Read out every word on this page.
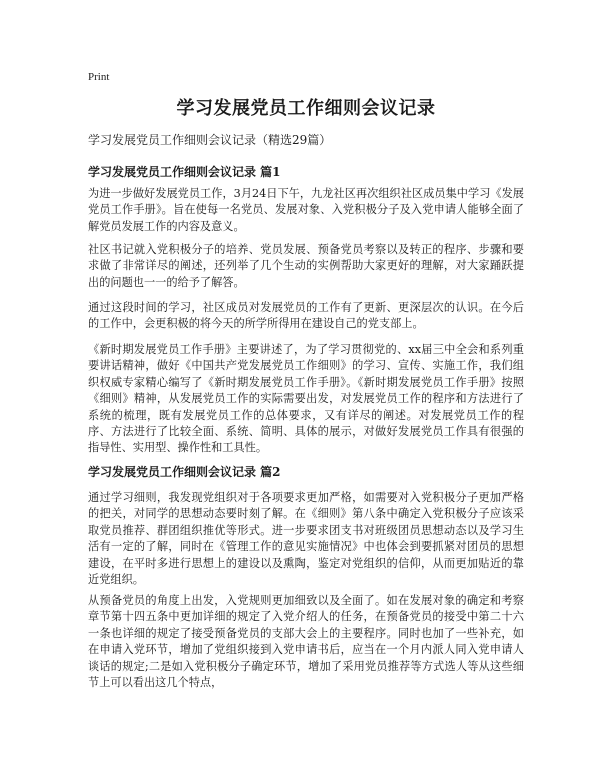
Print
学习发展党员工作细则会议记录

学习发展党员工作细则会议记录（精选29篇）

学习发展党员工作细则会议记录 篇1

为进一步做好发展党员工作，3月24日下午，九龙社区再次组织社区成员集中学习《发展党员工作手册》。旨在使每一名党员、发展对象、入党积极分子及入党申请人能够全面了解党员发展工作的内容及意义。

社区书记就入党积极分子的培养、党员发展、预备党员考察以及转正的程序、步骤和要求做了非常详尽的阐述，还列举了几个生动的实例帮助大家更好的理解，对大家踊跃提出的问题也一一的给予了解答。

通过这段时间的学习，社区成员对发展党员的工作有了更新、更深层次的认识。在今后的工作中，会更积极的将今天的所学所得用在建设自己的党支部上。

《新时期发展党员工作手册》主要讲述了，为了学习贯彻党的、xx届三中全会和系列重要讲话精神，做好《中国共产党发展党员工作细则》的学习、宣传、实施工作，我们组织权威专家精心编写了《新时期发展党员工作手册》。《新时期发展党员工作手册》按照《细则》精神，从发展党员工作的实际需要出发，对发展党员工作的程序和方法进行了系统的梳理，既有发展党员工作的总体要求，又有详尽的阐述。对发展党员工作的程序、方法进行了比较全面、系统、简明、具体的展示，对做好发展党员工作具有很强的指导性、实用型、操作性和工具性。

学习发展党员工作细则会议记录 篇2

通过学习细则，我发现党组织对于各项要求更加严格，如需要对入党积极分子更加严格的把关，对同学的思想动态要时刻了解。在《细则》第八条中确定入党积极分子应该采取党员推荐、群团组织推优等形式。进一步要求团支书对班级团员思想动态以及学习生活有一定的了解，同时在《管理工作的意见实施情况》中也体会到要抓紧对团员的思想建设，在平时多进行思想上的建设以及熏陶，鉴定对党组织的信仰，从而更加贴近的靠近党组织。

从预备党员的角度上出发，入党规则更加细致以及全面了。如在发展对象的确定和考察章节第十四五条中更加详细的规定了入党介绍人的任务，在预备党员的接受中第二十六一条也详细的规定了接受预备党员的支部大会上的主要程序。同时也加了一些补充，如在申请入党环节，增加了党组织接到入党申请书后，应当在一个月内派人同入党申请人谈话的规定;二是如入党积极分子确定环节，增加了采用党员推荐等方式选人等从这些细节上可以看出这几个特点，
